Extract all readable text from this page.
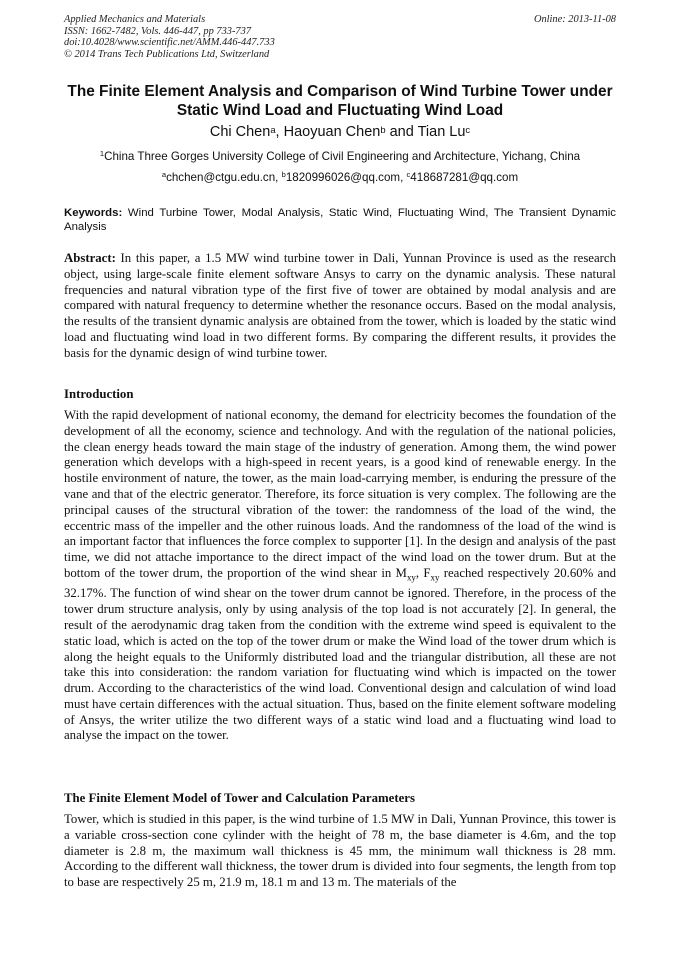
Applied Mechanics and Materials
ISSN: 1662-7482, Vols. 446-447, pp 733-737
doi:10.4028/www.scientific.net/AMM.446-447.733
© 2014 Trans Tech Publications Ltd, Switzerland
Online: 2013-11-08
The Finite Element Analysis and Comparison of Wind Turbine Tower under Static Wind Load and Fluctuating Wind Load
Chi Chen$^a$, Haoyuan Chen$^b$ and Tian Lu$^c$
$^1$China Three Gorges University College of Civil Engineering and Architecture, Yichang, China
$^a$chchen@ctgu.edu.cn, $^b$1820996026@qq.com, $^c$418687281@qq.com
Keywords: Wind Turbine Tower, Modal Analysis, Static Wind, Fluctuating Wind, The Transient Dynamic Analysis
Abstract: In this paper, a 1.5 MW wind turbine tower in Dali, Yunnan Province is used as the research object, using large-scale finite element software Ansys to carry on the dynamic analysis. These natural frequencies and natural vibration type of the first five of tower are obtained by modal analysis and are compared with natural frequency to determine whether the resonance occurs. Based on the modal analysis, the results of the transient dynamic analysis are obtained from the tower, which is loaded by the static wind load and fluctuating wind load in two different forms. By comparing the different results, it provides the basis for the dynamic design of wind turbine tower.
Introduction
With the rapid development of national economy, the demand for electricity becomes the foundation of the development of all the economy, science and technology. And with the regulation of the national policies, the clean energy heads toward the main stage of the industry of generation. Among them, the wind power generation which develops with a high-speed in recent years, is a good kind of renewable energy. In the hostile environment of nature, the tower, as the main load-carrying member, is enduring the pressure of the vane and that of the electric generator. Therefore, its force situation is very complex. The following are the principal causes of the structural vibration of the tower: the randomness of the load of the wind, the eccentric mass of the impeller and the other ruinous loads. And the randomness of the load of the wind is an important factor that influences the force complex to supporter [1]. In the design and analysis of the past time, we did not attache importance to the direct impact of the wind load on the tower drum. But at the bottom of the tower drum, the proportion of the wind shear in $M_{xy}$, $F_{xy}$ reached respectively 20.60% and 32.17%. The function of wind shear on the tower drum cannot be ignored. Therefore, in the process of the tower drum structure analysis, only by using analysis of the top load is not accurately [2]. In general, the result of the aerodynamic drag taken from the condition with the extreme wind speed is equivalent to the static load, which is acted on the top of the tower drum or make the Wind load of the tower drum which is along the height equals to the Uniformly distributed load and the triangular distribution, all these are not take this into consideration: the random variation for fluctuating wind which is impacted on the tower drum. According to the characteristics of the wind load. Conventional design and calculation of wind load must have certain differences with the actual situation. Thus, based on the finite element software modeling of Ansys, the writer utilize the two different ways of a static wind load and a fluctuating wind load to analyse the impact on the tower.
The Finite Element Model of Tower and Calculation Parameters
Tower, which is studied in this paper, is the wind turbine of 1.5 MW in Dali, Yunnan Province, this tower is a variable cross-section cone cylinder with the height of 78 m, the base diameter is 4.6m, and the top diameter is 2.8 m, the maximum wall thickness is 45 mm, the minimum wall thickness is 28 mm. According to the different wall thickness, the tower drum is divided into four segments, the length from top to base are respectively 25 m, 21.9 m, 18.1 m and 13 m. The materials of the
